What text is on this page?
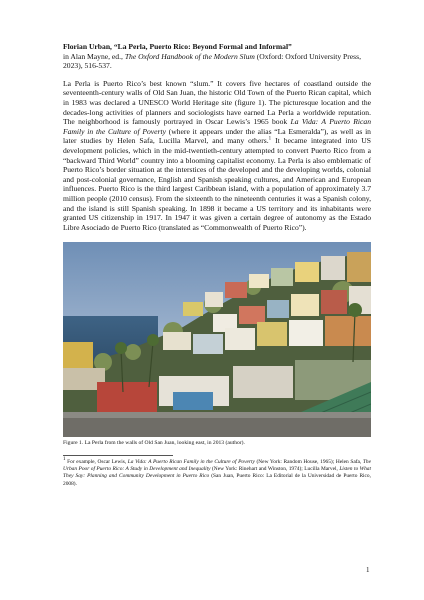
Florian Urban, “La Perla, Puerto Rico: Beyond Formal and Informal”
in Alan Mayne, ed., The Oxford Handbook of the Modern Slum (Oxford: Oxford University Press, 2023), 516-537.

La Perla is Puerto Rico’s best known “slum.” It covers five hectares of coastland outside the seventeenth-century walls of Old San Juan, the historic Old Town of the Puerto Rican capital, which in 1983 was declared a UNESCO World Heritage site (figure 1). The picturesque location and the decades-long activities of planners and sociologists have earned La Perla a worldwide reputation. The neighborhood is famously portrayed in Oscar Lewis’s 1965 book La Vida: A Puerto Rican Family in the Culture of Poverty (where it appears under the alias “La Esmeralda”), as well as in later studies by Helen Safa, Lucilla Marvel, and many others.$^1$ It became integrated into US development policies, which in the mid-twentieth-century attempted to convert Puerto Rico from a “backward Third World” country into a blooming capitalist economy. La Perla is also emblematic of Puerto Rico’s border situation at the interstices of the developed and the developing worlds, colonial and post-colonial governance, English and Spanish speaking cultures, and American and European influences. Puerto Rico is the third largest Caribbean island, with a population of approximately 3.7 million people (2010 census). From the sixteenth to the nineteenth centuries it was a Spanish colony, and the island is still Spanish speaking. In 1898 it became a US territory and its inhabitants were granted US citizenship in 1917. In 1947 it was given a certain degree of autonomy as the Estado Libre Asociado de Puerto Rico (translated as “Commonwealth of Puerto Rico”).

Figure 1. La Perla from the walls of Old San Juan, looking east, in 2013 (author).

1 For example, Oscar Lewis, La Vida: A Puerto Rican Family in the Culture of Poverty (New York: Random House, 1965); Helen Safa, The Urban Poor of Puerto Rico: A Study in Development and Inequality (New York: Rinehart and Winston, 1974); Lucilla Marvel, Listen to What They Say: Planning and Community Development in Puerto Rico (San Juan, Puerto Rico: La Editorial de la Universidad de Puerto Rico, 2008).

1
